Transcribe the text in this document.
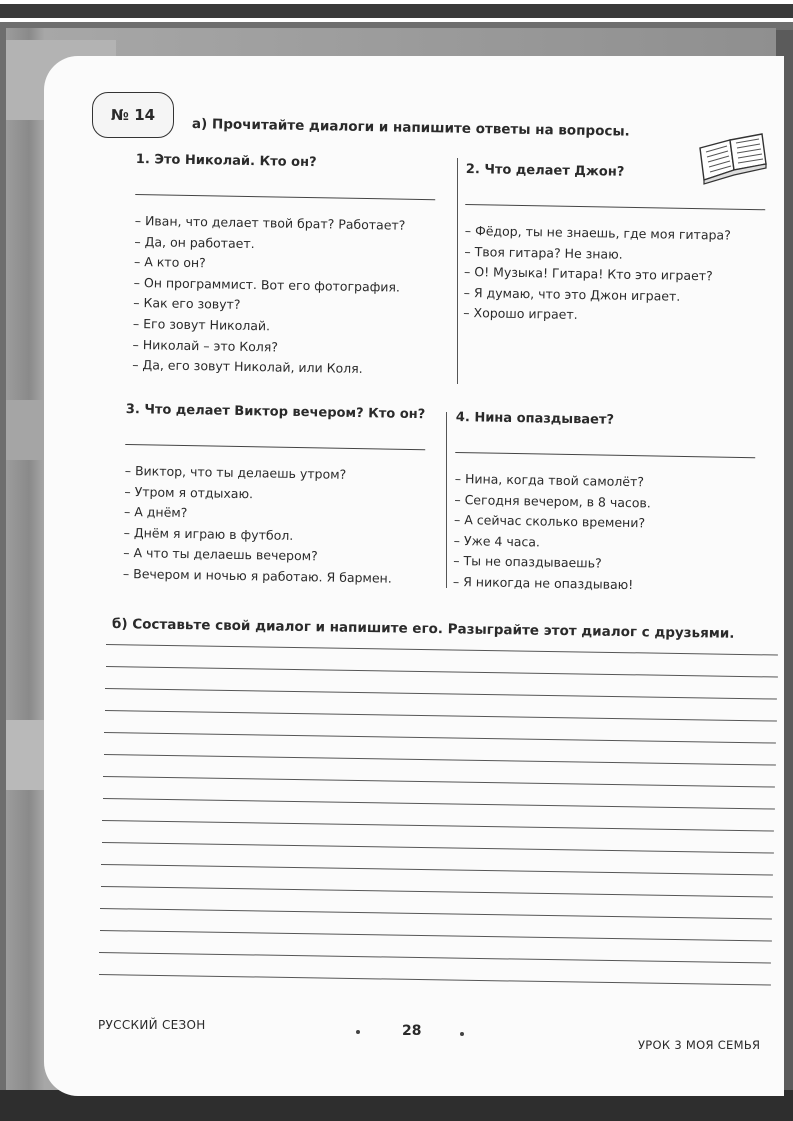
№ 14
а) Прочитайте диалоги и напишите ответы на вопросы.

1. Это Николай. Кто он?

– Иван, что делает твой брат? Работает?
– Да, он работает.
– А кто он?
– Он программист. Вот его фотография.
– Как его зовут?
– Его зовут Николай.
– Николай – это Коля?
– Да, его зовут Николай, или Коля.

2. Что делает Джон?

– Фёдор, ты не знаешь, где моя гитара?
– Твоя гитара? Не знаю.
– О! Музыка! Гитара! Кто это играет?
– Я думаю, что это Джон играет.
– Хорошо играет.

3. Что делает Виктор вечером? Кто он?

– Виктор, что ты делаешь утром?
– Утром я отдыхаю.
– А днём?
– Днём я играю в футбол.
– А что ты делаешь вечером?
– Вечером и ночью я работаю. Я бармен.

4. Нина опаздывает?

– Нина, когда твой самолёт?
– Сегодня вечером, в 8 часов.
– А сейчас сколько времени?
– Уже 4 часа.
– Ты не опаздываешь?
– Я никогда не опаздываю!
б) Составьте свой диалог и напишите его. Разыграйте этот диалог с друзьями.
РУССКИЙ СЕЗОН	28
УРОК 3 МОЯ СЕМЬЯ
